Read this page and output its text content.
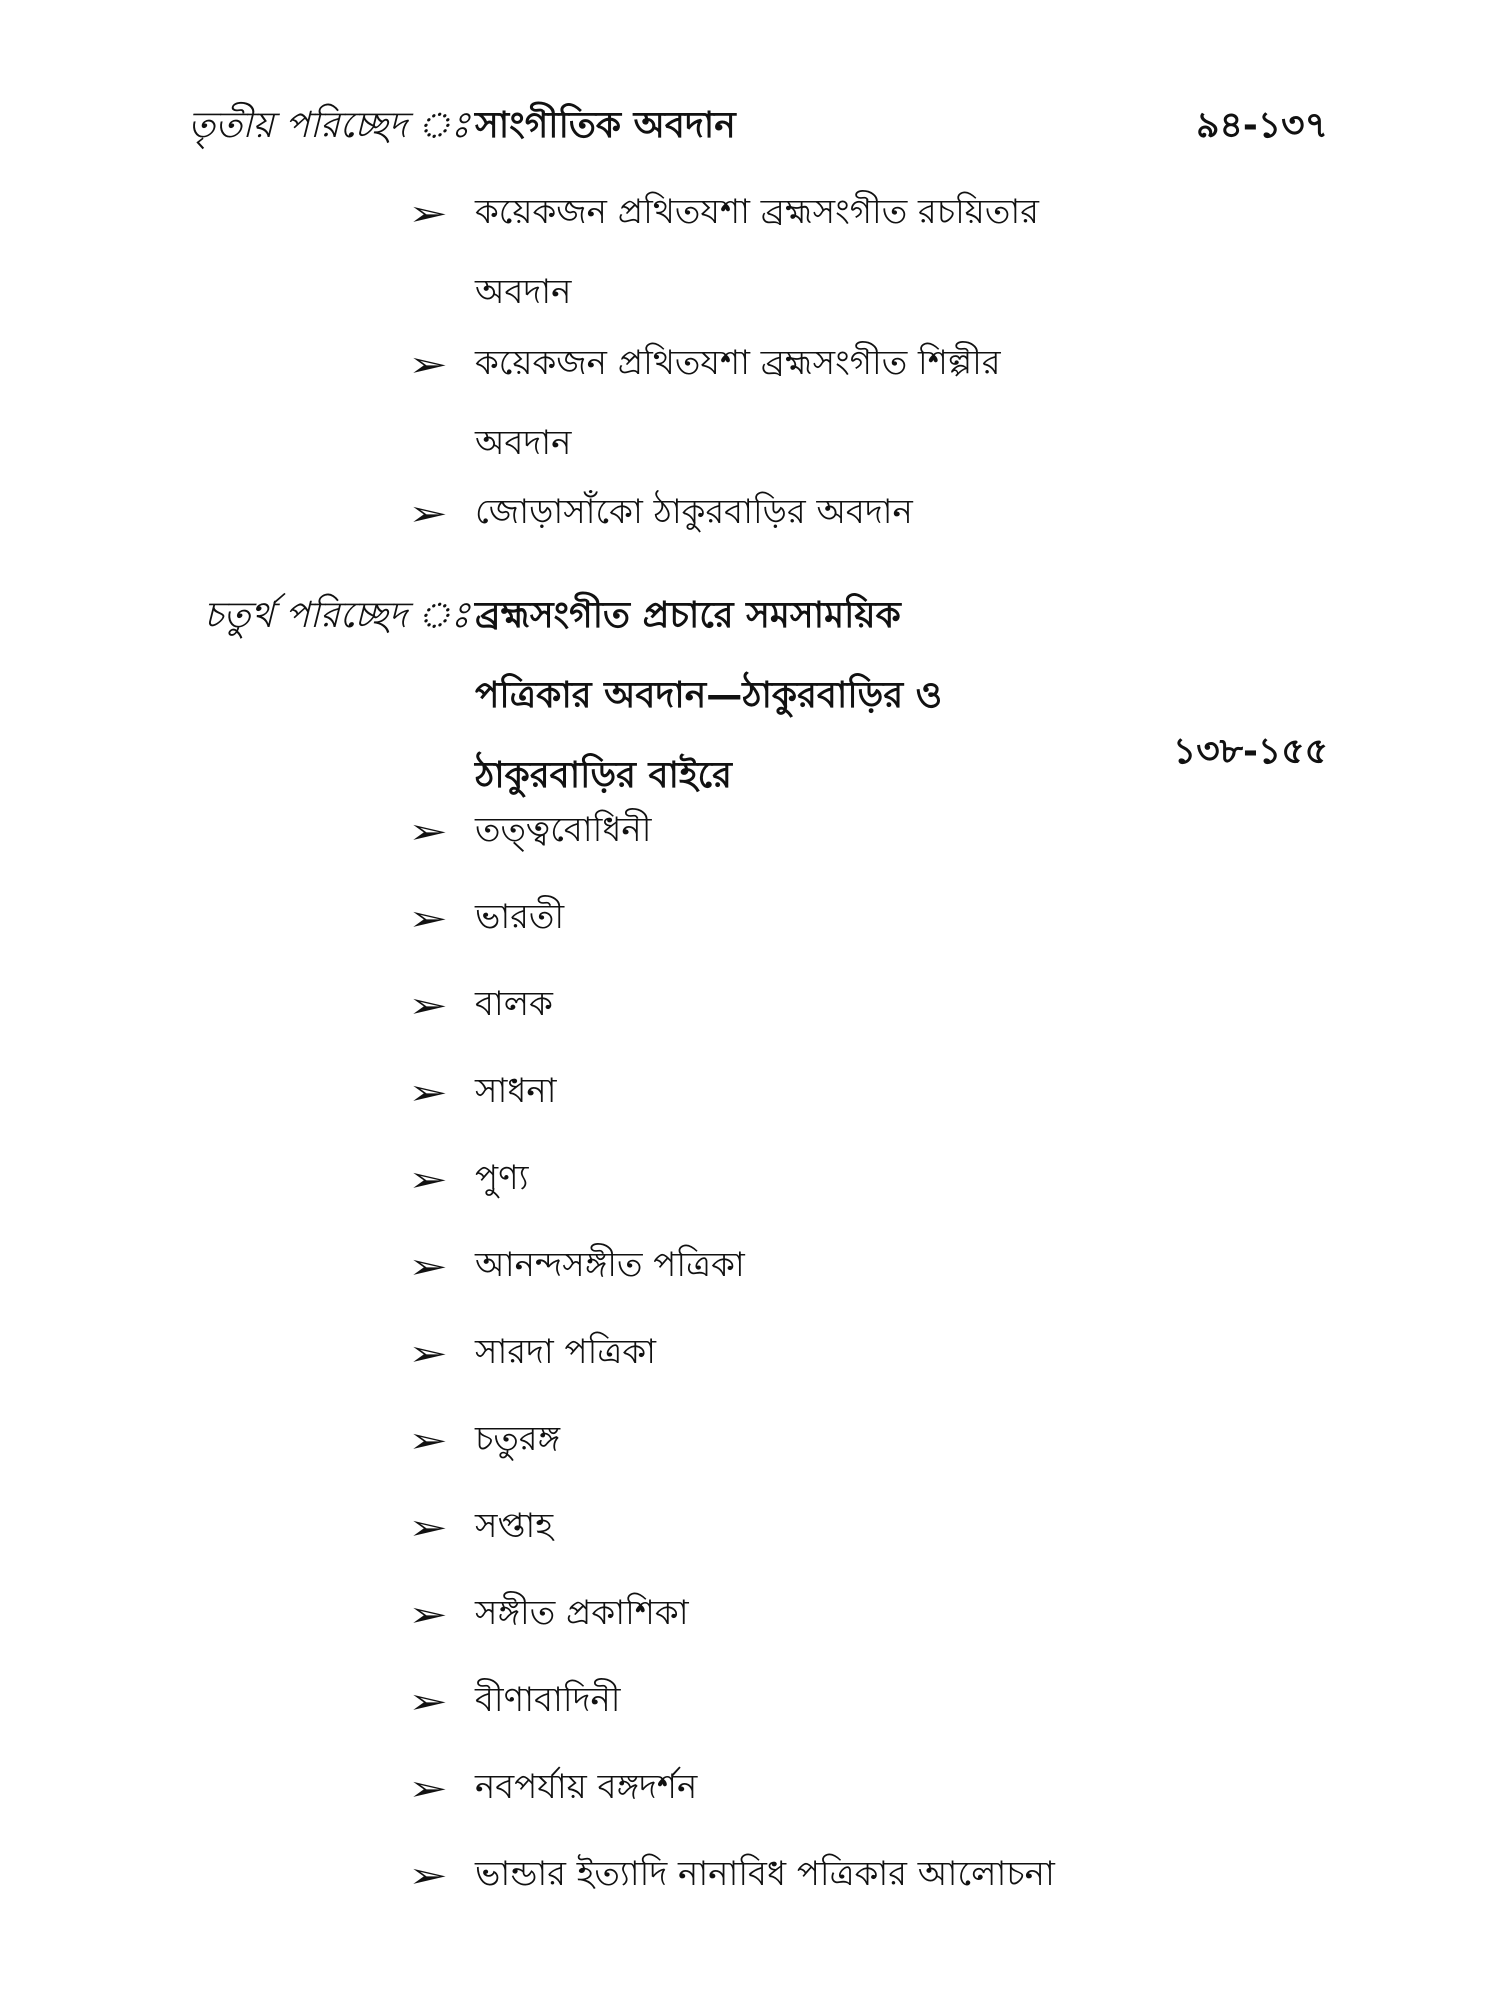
তৃতীয় পরিচ্ছেদ ঃ সাংগীতিক অবদান	৯৪-১৩৭
➢ কয়েকজন প্রথিতযশা ব্রহ্মসংগীত রচয়িতার
অবদান
➢ কয়েকজন প্রথিতযশা ব্রহ্মসংগীত শিল্পীর
অবদান
➢ জোড়াসাঁকো ঠাকুরবাড়ির অবদান
চতুর্থ পরিচ্ছেদ ঃ ব্রহ্মসংগীত প্রচারে সমসাময়িক
পত্রিকার অবদান—ঠাকুরবাড়ির ও
ঠাকুরবাড়ির বাইরে
১৩৮-১৫৫
➢ তত্ত্ববোধিনী
➢ ভারতী
➢ বালক
➢ সাধনা
➢ পুণ্য
➢ আনন্দসঙ্গীত পত্রিকা
➢ সারদা পত্রিকা
➢ চতুরঙ্গ
➢ সপ্তাহ
➢ সঙ্গীত প্রকাশিকা
➢ বীণাবাদিনী
➢ নবপর্যায় বঙ্গদর্শন
➢ ভান্ডার ইত্যাদি নানাবিধ পত্রিকার আলোচনা
